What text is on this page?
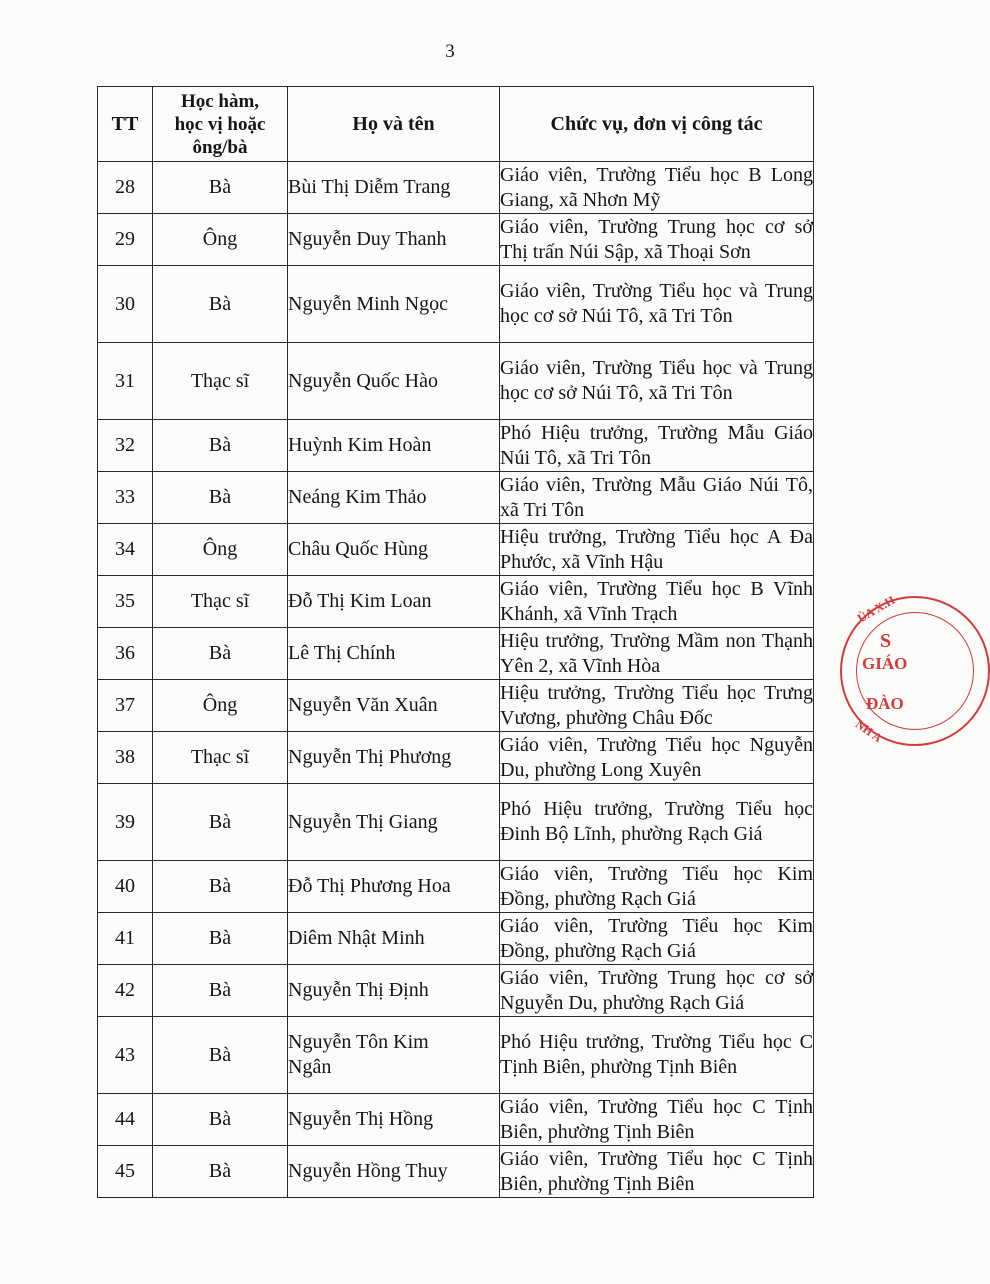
3
TT	Học hàm,
học vị hoặc
ông/bà	Họ và tên	Chức vụ, đơn vị công tác
28	Bà	Bùi Thị Diễm Trang	Giáo viên, Trường Tiểu học B Long Giang, xã Nhơn Mỹ
29	Ông	Nguyễn Duy Thanh	Giáo viên, Trường Trung học cơ sở Thị trấn Núi Sập, xã Thoại Sơn
30	Bà	Nguyễn Minh Ngọc	Giáo viên, Trường Tiểu học và Trung học cơ sở Núi Tô, xã Tri Tôn
31	Thạc sĩ	Nguyễn Quốc Hào	Giáo viên, Trường Tiểu học và Trung học cơ sở Núi Tô, xã Tri Tôn
32	Bà	Huỳnh Kim Hoàn	Phó Hiệu trưởng, Trường Mẫu Giáo Núi Tô, xã Tri Tôn
33	Bà	Neáng Kim Thảo	Giáo viên, Trường Mẫu Giáo Núi Tô, xã Tri Tôn
34	Ông	Châu Quốc Hùng	Hiệu trưởng, Trường Tiểu học A Đa Phước, xã Vĩnh Hậu
35	Thạc sĩ	Đỗ Thị Kim Loan	Giáo viên, Trường Tiểu học B Vĩnh Khánh, xã Vĩnh Trạch
36	Bà	Lê Thị Chính	Hiệu trưởng, Trường Mầm non Thạnh Yên 2, xã Vĩnh Hòa
37	Ông	Nguyễn Văn Xuân	Hiệu trưởng, Trường Tiểu học Trưng Vương, phường Châu Đốc
38	Thạc sĩ	Nguyễn Thị Phương	Giáo viên, Trường Tiểu học Nguyễn Du, phường Long Xuyên
39	Bà	Nguyễn Thị Giang	Phó Hiệu trưởng, Trường Tiểu học Đinh Bộ Lĩnh, phường Rạch Giá
40	Bà	Đỗ Thị Phương Hoa	Giáo viên, Trường Tiểu học Kim Đồng, phường Rạch Giá
41	Bà	Diêm Nhật Minh	Giáo viên, Trường Tiểu học Kim Đồng, phường Rạch Giá
42	Bà	Nguyễn Thị Định	Giáo viên, Trường Trung học cơ sở Nguyễn Du, phường Rạch Giá
43	Bà	Nguyễn Tôn Kim
Ngân	Phó Hiệu trưởng, Trường Tiểu học C Tịnh Biên, phường Tịnh Biên
44	Bà	Nguyễn Thị Hồng	Giáo viên, Trường Tiểu học C Tịnh Biên, phường Tịnh Biên
45	Bà	Nguyễn Hồng Thuy	Giáo viên, Trường Tiểu học C Tịnh Biên, phường Tịnh Biên
ỦA X.H
S
GIÁO
ĐÀO
NH A
